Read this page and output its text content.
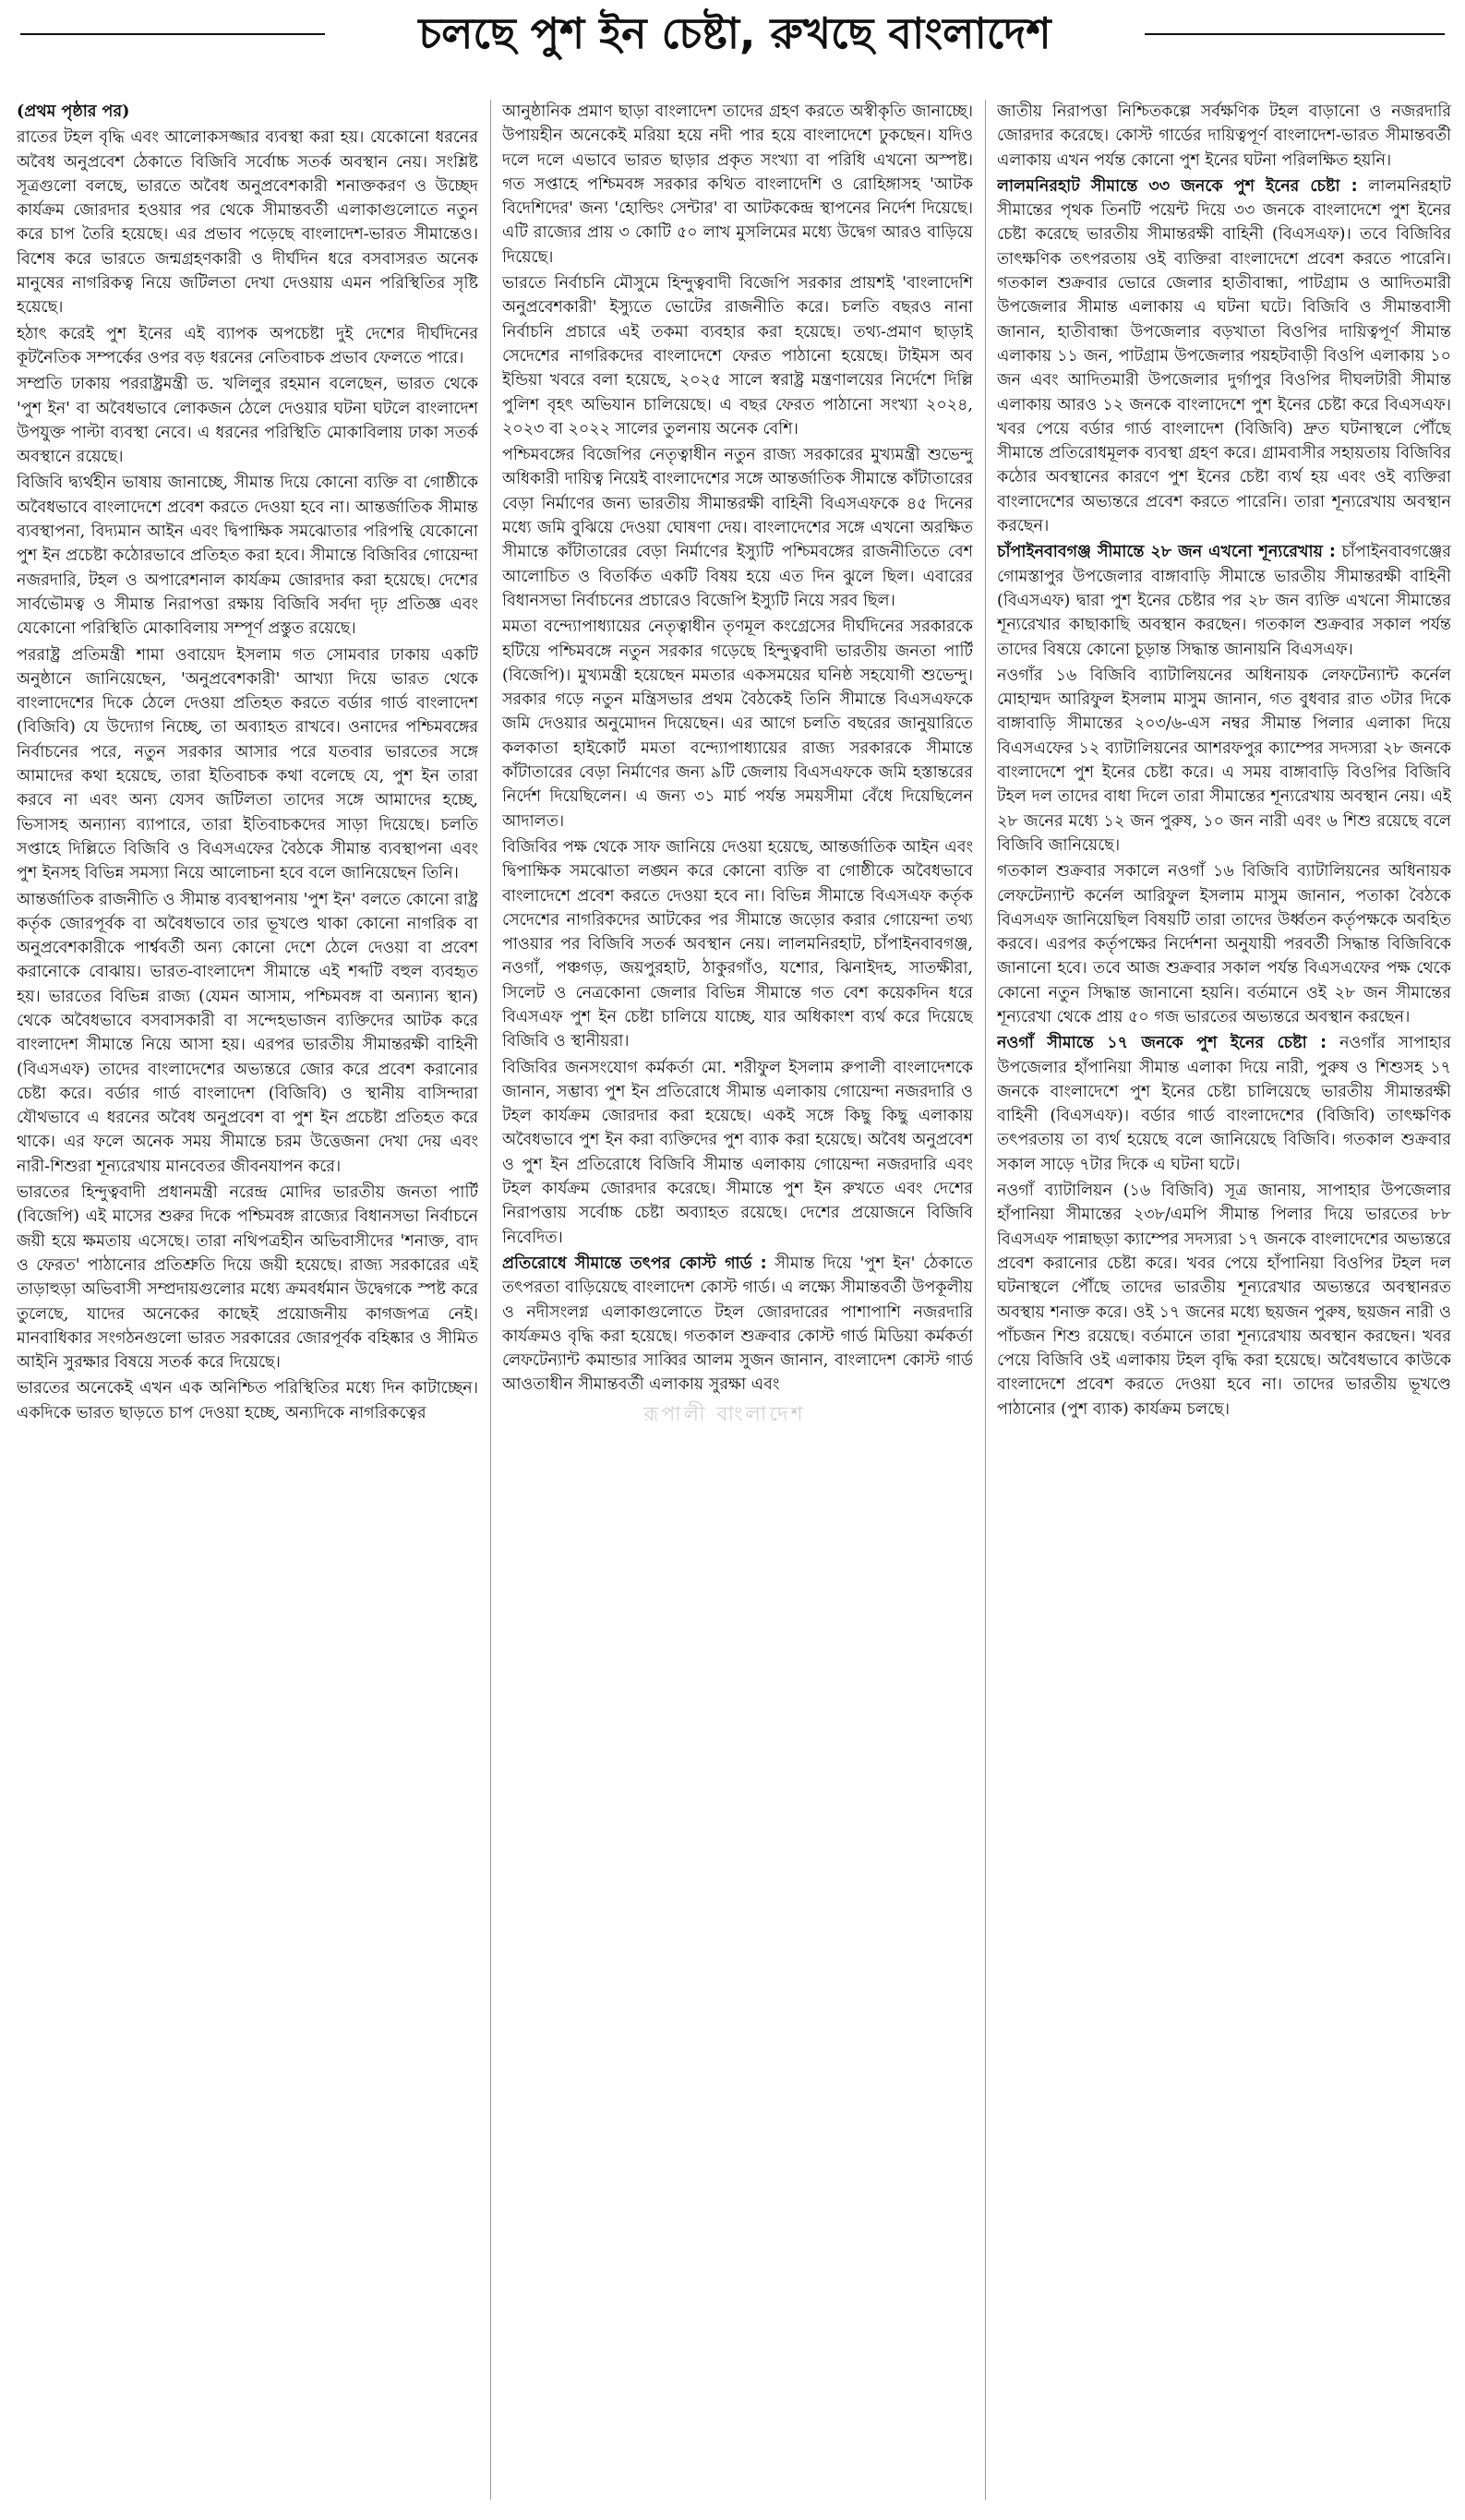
চলছে পুশ ইন চেষ্টা, রুখছে বাংলাদেশ

(প্রথম পৃষ্ঠার পর)

রাতের টহল বৃদ্ধি এবং আলোকসজ্জার ব্যবস্থা করা হয়। যেকোনো ধরনের অবৈধ অনুপ্রবেশ ঠেকাতে বিজিবি সর্বোচ্চ সতর্ক অবস্থান নেয়। সংশ্লিষ্ট সূত্রগুলো বলছে, ভারতে অবৈধ অনুপ্রবেশকারী শনাক্তকরণ ও উচ্ছেদ কার্যক্রম জোরদার হওয়ার পর থেকে সীমান্তবর্তী এলাকাগুলোতে নতুন করে চাপ তৈরি হয়েছে। এর প্রভাব পড়েছে বাংলাদেশ-ভারত সীমান্তেও। বিশেষ করে ভারতে জন্মগ্রহণকারী ও দীর্ঘদিন ধরে বসবাসরত অনেক মানুষের নাগরিকত্ব নিয়ে জটিলতা দেখা দেওয়ায় এমন পরিস্থিতির সৃষ্টি হয়েছে।

হঠাৎ করেই পুশ ইনের এই ব্যাপক অপচেষ্টা দুই দেশের দীর্ঘদিনের কূটনৈতিক সম্পর্কের ওপর বড় ধরনের নেতিবাচক প্রভাব ফেলতে পারে।

সম্প্রতি ঢাকায় পররাষ্ট্রমন্ত্রী ড. খলিলুর রহমান বলেছেন, ভারত থেকে 'পুশ ইন' বা অবৈধভাবে লোকজন ঠেলে দেওয়ার ঘটনা ঘটলে বাংলাদেশ উপযুক্ত পাল্টা ব্যবস্থা নেবে। এ ধরনের পরিস্থিতি মোকাবিলায় ঢাকা সতর্ক অবস্থানে রয়েছে।

বিজিবি দ্ব্যর্থহীন ভাষায় জানাচ্ছে, সীমান্ত দিয়ে কোনো ব্যক্তি বা গোষ্ঠীকে অবৈধভাবে বাংলাদেশে প্রবেশ করতে দেওয়া হবে না। আন্তর্জাতিক সীমান্ত ব্যবস্থাপনা, বিদ্যমান আইন এবং দ্বিপাক্ষিক সমঝোতার পরিপন্থি যেকোনো পুশ ইন প্রচেষ্টা কঠোরভাবে প্রতিহত করা হবে। সীমান্তে বিজিবির গোয়েন্দা নজরদারি, টহল ও অপারেশনাল কার্যক্রম জোরদার করা হয়েছে। দেশের সার্বভৌমত্ব ও সীমান্ত নিরাপত্তা রক্ষায় বিজিবি সর্বদা দৃঢ় প্রতিজ্ঞ এবং যেকোনো পরিস্থিতি মোকাবিলায় সম্পূর্ণ প্রস্তুত রয়েছে।

পররাষ্ট্র প্রতিমন্ত্রী শামা ওবায়েদ ইসলাম গত সোমবার ঢাকায় একটি অনুষ্ঠানে জানিয়েছেন, 'অনুপ্রবেশকারী' আখ্যা দিয়ে ভারত থেকে বাংলাদেশের দিকে ঠেলে দেওয়া প্রতিহত করতে বর্ডার গার্ড বাংলাদেশ (বিজিবি) যে উদ্যোগ নিচ্ছে, তা অব্যাহত রাখবে। ওনাদের পশ্চিমবঙ্গের নির্বাচনের পরে, নতুন সরকার আসার পরে যতবার ভারতের সঙ্গে আমাদের কথা হয়েছে, তারা ইতিবাচক কথা বলেছে যে, পুশ ইন তারা করবে না এবং অন্য যেসব জটিলতা তাদের সঙ্গে আমাদের হচ্ছে, ভিসাসহ অন্যান্য ব্যাপারে, তারা ইতিবাচকদের সাড়া দিয়েছে। চলতি সপ্তাহে দিল্লিতে বিজিবি ও বিএসএফের বৈঠকে সীমান্ত ব্যবস্থাপনা এবং পুশ ইনসহ বিভিন্ন সমস্যা নিয়ে আলোচনা হবে বলে জানিয়েছেন তিনি।

আন্তর্জাতিক রাজনীতি ও সীমান্ত ব্যবস্থাপনায় 'পুশ ইন' বলতে কোনো রাষ্ট্র কর্তৃক জোরপূর্বক বা অবৈধভাবে তার ভূখণ্ডে থাকা কোনো নাগরিক বা অনুপ্রবেশকারীকে পার্শ্ববর্তী অন্য কোনো দেশে ঠেলে দেওয়া বা প্রবেশ করানোকে বোঝায়। ভারত-বাংলাদেশ সীমান্তে এই শব্দটি বহুল ব্যবহৃত হয়। ভারতের বিভিন্ন রাজ্য (যেমন আসাম, পশ্চিমবঙ্গ বা অন্যান্য স্থান) থেকে অবৈধভাবে বসবাসকারী বা সন্দেহভাজন ব্যক্তিদের আটক করে বাংলাদেশ সীমান্তে নিয়ে আসা হয়। এরপর ভারতীয় সীমান্তরক্ষী বাহিনী (বিএসএফ) তাদের বাংলাদেশের অভ্যন্তরে জোর করে প্রবেশ করানোর চেষ্টা করে। বর্ডার গার্ড বাংলাদেশ (বিজিবি) ও স্থানীয় বাসিন্দারা যৌথভাবে এ ধরনের অবৈধ অনুপ্রবেশ বা পুশ ইন প্রচেষ্টা প্রতিহত করে থাকে। এর ফলে অনেক সময় সীমান্তে চরম উত্তেজনা দেখা দেয় এবং নারী-শিশুরা শূন্যরেখায় মানবেতর জীবনযাপন করে।

ভারতের হিন্দুত্ববাদী প্রধানমন্ত্রী নরেন্দ্র মোদির ভারতীয় জনতা পার্টি (বিজেপি) এই মাসের শুরুর দিকে পশ্চিমবঙ্গ রাজ্যের বিধানসভা নির্বাচনে জয়ী হয়ে ক্ষমতায় এসেছে। তারা নথিপত্রহীন অভিবাসীদের 'শনাক্ত, বাদ ও ফেরত' পাঠানোর প্রতিশ্রুতি দিয়ে জয়ী হয়েছে। রাজ্য সরকারের এই তাড়াহুড়া অভিবাসী সম্প্রদায়গুলোর মধ্যে ক্রমবর্ধমান উদ্বেগকে স্পষ্ট করে তুলেছে, যাদের অনেকের কাছেই প্রয়োজনীয় কাগজপত্র নেই। মানবাধিকার সংগঠনগুলো ভারত সরকারের জোরপূর্বক বহিষ্কার ও সীমিত আইনি সুরক্ষার বিষয়ে সতর্ক করে দিয়েছে।

ভারতের অনেকেই এখন এক অনিশ্চিত পরিস্থিতির মধ্যে দিন কাটাচ্ছেন। একদিকে ভারত ছাড়তে চাপ দেওয়া হচ্ছে, অন্যদিকে নাগরিকত্বের

আনুষ্ঠানিক প্রমাণ ছাড়া বাংলাদেশ তাদের গ্রহণ করতে অস্বীকৃতি জানাচ্ছে। উপায়হীন অনেকেই মরিয়া হয়ে নদী পার হয়ে বাংলাদেশে ঢুকছেন। যদিও দলে দলে এভাবে ভারত ছাড়ার প্রকৃত সংখ্যা বা পরিধি এখনো অস্পষ্ট। গত সপ্তাহে পশ্চিমবঙ্গ সরকার কথিত বাংলাদেশি ও রোহিঙ্গাসহ 'আটক বিদেশিদের' জন্য 'হোল্ডিং সেন্টার' বা আটককেন্দ্র স্থাপনের নির্দেশ দিয়েছে। এটি রাজ্যের প্রায় ৩ কোটি ৫০ লাখ মুসলিমের মধ্যে উদ্বেগ আরও বাড়িয়ে দিয়েছে।

ভারতে নির্বাচনি মৌসুমে হিন্দুত্ববাদী বিজেপি সরকার প্রায়শই 'বাংলাদেশি অনুপ্রবেশকারী' ইস্যুতে ভোটের রাজনীতি করে। চলতি বছরও নানা নির্বাচনি প্রচারে এই তকমা ব্যবহার করা হয়েছে। তথ্য-প্রমাণ ছাড়াই সেদেশের নাগরিকদের বাংলাদেশে ফেরত পাঠানো হয়েছে। টাইমস অব ইন্ডিয়া খবরে বলা হয়েছে, ২০২৫ সালে স্বরাষ্ট্র মন্ত্রণালয়ের নির্দেশে দিল্লি পুলিশ বৃহৎ অভিযান চালিয়েছে। এ বছর ফেরত পাঠানো সংখ্যা ২০২৪, ২০২৩ বা ২০২২ সালের তুলনায় অনেক বেশি।

পশ্চিমবঙ্গের বিজেপির নেতৃত্বাধীন নতুন রাজ্য সরকারের মুখ্যমন্ত্রী শুভেন্দু অধিকারী দায়িত্ব নিয়েই বাংলাদেশের সঙ্গে আন্তর্জাতিক সীমান্তে কাঁটাতারের বেড়া নির্মাণের জন্য ভারতীয় সীমান্তরক্ষী বাহিনী বিএসএফকে ৪৫ দিনের মধ্যে জমি বুঝিয়ে দেওয়া ঘোষণা দেয়। বাংলাদেশের সঙ্গে এখনো অরক্ষিত সীমান্তে কাঁটাতারের বেড়া নির্মাণের ইস্যুটি পশ্চিমবঙ্গের রাজনীতিতে বেশ আলোচিত ও বিতর্কিত একটি বিষয় হয়ে এত দিন ঝুলে ছিল। এবারের বিধানসভা নির্বাচনের প্রচারেও বিজেপি ইস্যুটি নিয়ে সরব ছিল।

মমতা বন্দ্যোপাধ্যায়ের নেতৃত্বাধীন তৃণমূল কংগ্রেসের দীর্ঘদিনের সরকারকে হটিয়ে পশ্চিমবঙ্গে নতুন সরকার গড়েছে হিন্দুত্ববাদী ভারতীয় জনতা পার্টি (বিজেপি)। মুখ্যমন্ত্রী হয়েছেন মমতার একসময়ের ঘনিষ্ঠ সহযোগী শুভেন্দু। সরকার গড়ে নতুন মন্ত্রিসভার প্রথম বৈঠকেই তিনি সীমান্তে বিএসএফকে জমি দেওয়ার অনুমোদন দিয়েছেন। এর আগে চলতি বছরের জানুয়ারিতে কলকাতা হাইকোর্ট মমতা বন্দ্যোপাধ্যায়ের রাজ্য সরকারকে সীমান্তে কাঁটাতারের বেড়া নির্মাণের জন্য ৯টি জেলায় বিএসএফকে জমি হস্তান্তরের নির্দেশ দিয়েছিলেন। এ জন্য ৩১ মার্চ পর্যন্ত সময়সীমা বেঁধে দিয়েছিলেন আদালত।

বিজিবির পক্ষ থেকে সাফ জানিয়ে দেওয়া হয়েছে, আন্তর্জাতিক আইন এবং দ্বিপাক্ষিক সমঝোতা লঙ্ঘন করে কোনো ব্যক্তি বা গোষ্ঠীকে অবৈধভাবে বাংলাদেশে প্রবেশ করতে দেওয়া হবে না। বিভিন্ন সীমান্তে বিএসএফ কর্তৃক সেদেশের নাগরিকদের আটকের পর সীমান্তে জড়োর করার গোয়েন্দা তথ্য পাওয়ার পর বিজিবি সতর্ক অবস্থান নেয়। লালমনিরহাট, চাঁপাইনবাবগঞ্জ, নওগাঁ, পঞ্চগড়, জয়পুরহাট, ঠাকুরগাঁও, যশোর, ঝিনাইদহ, সাতক্ষীরা, সিলেট ও নেত্রকোনা জেলার বিভিন্ন সীমান্তে গত বেশ কয়েকদিন ধরে বিএসএফ পুশ ইন চেষ্টা চালিয়ে যাচ্ছে, যার অধিকাংশ ব্যর্থ করে দিয়েছে বিজিবি ও স্থানীয়রা।

বিজিবির জনসংযোগ কর্মকর্তা মো. শরীফুল ইসলাম রুপালী বাংলাদেশকে জানান, সম্ভাব্য পুশ ইন প্রতিরোধে সীমান্ত এলাকায় গোয়েন্দা নজরদারি ও টহল কার্যক্রম জোরদার করা হয়েছে। একই সঙ্গে কিছু কিছু এলাকায় অবৈধভাবে পুশ ইন করা ব্যক্তিদের পুশ ব্যাক করা হয়েছে। অবৈধ অনুপ্রবেশ ও পুশ ইন প্রতিরোধে বিজিবি সীমান্ত এলাকায় গোয়েন্দা নজরদারি এবং টহল কার্যক্রম জোরদার করেছে। সীমান্তে পুশ ইন রুখতে এবং দেশের নিরাপত্তায় সর্বোচ্চ চেষ্টা অব্যাহত রয়েছে। দেশের প্রয়োজনে বিজিবি নিবেদিত।

প্রতিরোধে সীমান্তে তৎপর কোস্ট গার্ড : সীমান্ত দিয়ে 'পুশ ইন' ঠেকাতে তৎপরতা বাড়িয়েছে বাংলাদেশ কোস্ট গার্ড। এ লক্ষ্যে সীমান্তবর্তী উপকূলীয় ও নদীসংলগ্ন এলাকাগুলোতে টহল জোরদারের পাশাপাশি নজরদারি কার্যক্রমও বৃদ্ধি করা হয়েছে। গতকাল শুক্রবার কোস্ট গার্ড মিডিয়া কর্মকর্তা লেফটেন্যান্ট কমান্ডার সাব্বির আলম সুজন জানান, বাংলাদেশ কোস্ট গার্ড আওতাধীন সীমান্তবর্তী এলাকায় সুরক্ষা এবং

জাতীয় নিরাপত্তা নিশ্চিতকল্পে সর্বক্ষণিক টহল বাড়ানো ও নজরদারি জোরদার করেছে। কোস্ট গার্ডের দায়িত্বপূর্ণ বাংলাদেশ-ভারত সীমান্তবর্তী এলাকায় এখন পর্যন্ত কোনো পুশ ইনের ঘটনা পরিলক্ষিত হয়নি।

লালমনিরহাট সীমান্তে ৩৩ জনকে পুশ ইনের চেষ্টা : লালমনিরহাট সীমান্তের পৃথক তিনটি পয়েন্ট দিয়ে ৩৩ জনকে বাংলাদেশে পুশ ইনের চেষ্টা করেছে ভারতীয় সীমান্তরক্ষী বাহিনী (বিএসএফ)। তবে বিজিবির তাৎক্ষণিক তৎপরতায় ওই ব্যক্তিরা বাংলাদেশে প্রবেশ করতে পারেনি। গতকাল শুক্রবার ভোরে জেলার হাতীবান্ধা, পাটগ্রাম ও আদিতমারী উপজেলার সীমান্ত এলাকায় এ ঘটনা ঘটে। বিজিবি ও সীমান্তবাসী জানান, হাতীবান্ধা উপজেলার বড়খাতা বিওপির দায়িত্বপূর্ণ সীমান্ত এলাকায় ১১ জন, পাটগ্রাম উপজেলার পয়হটবাড়ী বিওপি এলাকায় ১০ জন এবং আদিতমারী উপজেলার দুর্গাপুর বিওপির দীঘলটারী সীমান্ত এলাকায় আরও ১২ জনকে বাংলাদেশে পুশ ইনের চেষ্টা করে বিএসএফ। খবর পেয়ে বর্ডার গার্ড বাংলাদেশ (বিজিবি) দ্রুত ঘটনাস্থলে পৌঁছে সীমান্তে প্রতিরোধমূলক ব্যবস্থা গ্রহণ করে। গ্রামবাসীর সহায়তায় বিজিবির কঠোর অবস্থানের কারণে পুশ ইনের চেষ্টা ব্যর্থ হয় এবং ওই ব্যক্তিরা বাংলাদেশের অভ্যন্তরে প্রবেশ করতে পারেনি। তারা শূন্যরেখায় অবস্থান করছেন।

চাঁপাইনবাবগঞ্জ সীমান্তে ২৮ জন এখনো শূন্যরেখায় : চাঁপাইনবাবগঞ্জের গোমস্তাপুর উপজেলার বাঙ্গাবাড়ি সীমান্তে ভারতীয় সীমান্তরক্ষী বাহিনী (বিএসএফ) দ্বারা পুশ ইনের চেষ্টার পর ২৮ জন ব্যক্তি এখনো সীমান্তের শূন্যরেখার কাছাকাছি অবস্থান করছেন। গতকাল শুক্রবার সকাল পর্যন্ত তাদের বিষয়ে কোনো চূড়ান্ত সিদ্ধান্ত জানায়নি বিএসএফ।

নওগাঁর ১৬ বিজিবি ব্যাটালিয়নের অধিনায়ক লেফটেন্যান্ট কর্নেল মোহাম্মদ আরিফুল ইসলাম মাসুম জানান, গত বুধবার রাত ৩টার দিকে বাঙ্গাবাড়ি সীমান্তের ২০৩/৬-এস নম্বর সীমান্ত পিলার এলাকা দিয়ে বিএসএফের ১২ ব্যাটালিয়নের আশরফপুর ক্যাম্পের সদস্যরা ২৮ জনকে বাংলাদেশে পুশ ইনের চেষ্টা করে। এ সময় বাঙ্গাবাড়ি বিওপির বিজিবি টহল দল তাদের বাধা দিলে তারা সীমান্তের শূন্যরেখায় অবস্থান নেয়। এই ২৮ জনের মধ্যে ১২ জন পুরুষ, ১০ জন নারী এবং ৬ শিশু রয়েছে বলে বিজিবি জানিয়েছে।

গতকাল শুক্রবার সকালে নওগাঁ ১৬ বিজিবি ব্যাটালিয়নের অধিনায়ক লেফটেন্যান্ট কর্নেল আরিফুল ইসলাম মাসুম জানান, পতাকা বৈঠকে বিএসএফ জানিয়েছিল বিষয়টি তারা তাদের উর্ধ্বতন কর্তৃপক্ষকে অবহিত করবে। এরপর কর্তৃপক্ষের নির্দেশনা অনুযায়ী পরবর্তী সিদ্ধান্ত বিজিবিকে জানানো হবে। তবে আজ শুক্রবার সকাল পর্যন্ত বিএসএফের পক্ষ থেকে কোনো নতুন সিদ্ধান্ত জানানো হয়নি। বর্তমানে ওই ২৮ জন সীমান্তের শূন্যরেখা থেকে প্রায় ৫০ গজ ভারতের অভ্যন্তরে অবস্থান করছেন।

নওগাঁ সীমান্তে ১৭ জনকে পুশ ইনের চেষ্টা : নওগাঁর সাপাহার উপজেলার হাঁপানিয়া সীমান্ত এলাকা দিয়ে নারী, পুরুষ ও শিশুসহ ১৭ জনকে বাংলাদেশে পুশ ইনের চেষ্টা চালিয়েছে ভারতীয় সীমান্তরক্ষী বাহিনী (বিএসএফ)। বর্ডার গার্ড বাংলাদেশের (বিজিবি) তাৎক্ষণিক তৎপরতায় তা ব্যর্থ হয়েছে বলে জানিয়েছে বিজিবি। গতকাল শুক্রবার সকাল সাড়ে ৭টার দিকে এ ঘটনা ঘটে।

নওগাঁ ব্যাটালিয়ন (১৬ বিজিবি) সূত্র জানায়, সাপাহার উপজেলার হাঁপানিয়া সীমান্তের ২৩৮/এমপি সীমান্ত পিলার দিয়ে ভারতের ৮৮ বিএসএফ পান্নাছড়া ক্যাম্পের সদস্যরা ১৭ জনকে বাংলাদেশের অভ্যন্তরে প্রবেশ করানোর চেষ্টা করে। খবর পেয়ে হাঁপানিয়া বিওপির টহল দল ঘটনাস্থলে পৌঁছে তাদের ভারতীয় শূন্যরেখার অভ্যন্তরে অবস্থানরত অবস্থায় শনাক্ত করে। ওই ১৭ জনের মধ্যে ছয়জন পুরুষ, ছয়জন নারী ও পাঁচজন শিশু রয়েছে। বর্তমানে তারা শূন্যরেখায় অবস্থান করছেন। খবর পেয়ে বিজিবি ওই এলাকায় টহল বৃদ্ধি করা হয়েছে। অবৈধভাবে কাউকে বাংলাদেশে প্রবেশ করতে দেওয়া হবে না। তাদের ভারতীয় ভূখণ্ডে পাঠানোর (পুশ ব্যাক) কার্যক্রম চলছে।

রূপালী বাংলাদেশ
